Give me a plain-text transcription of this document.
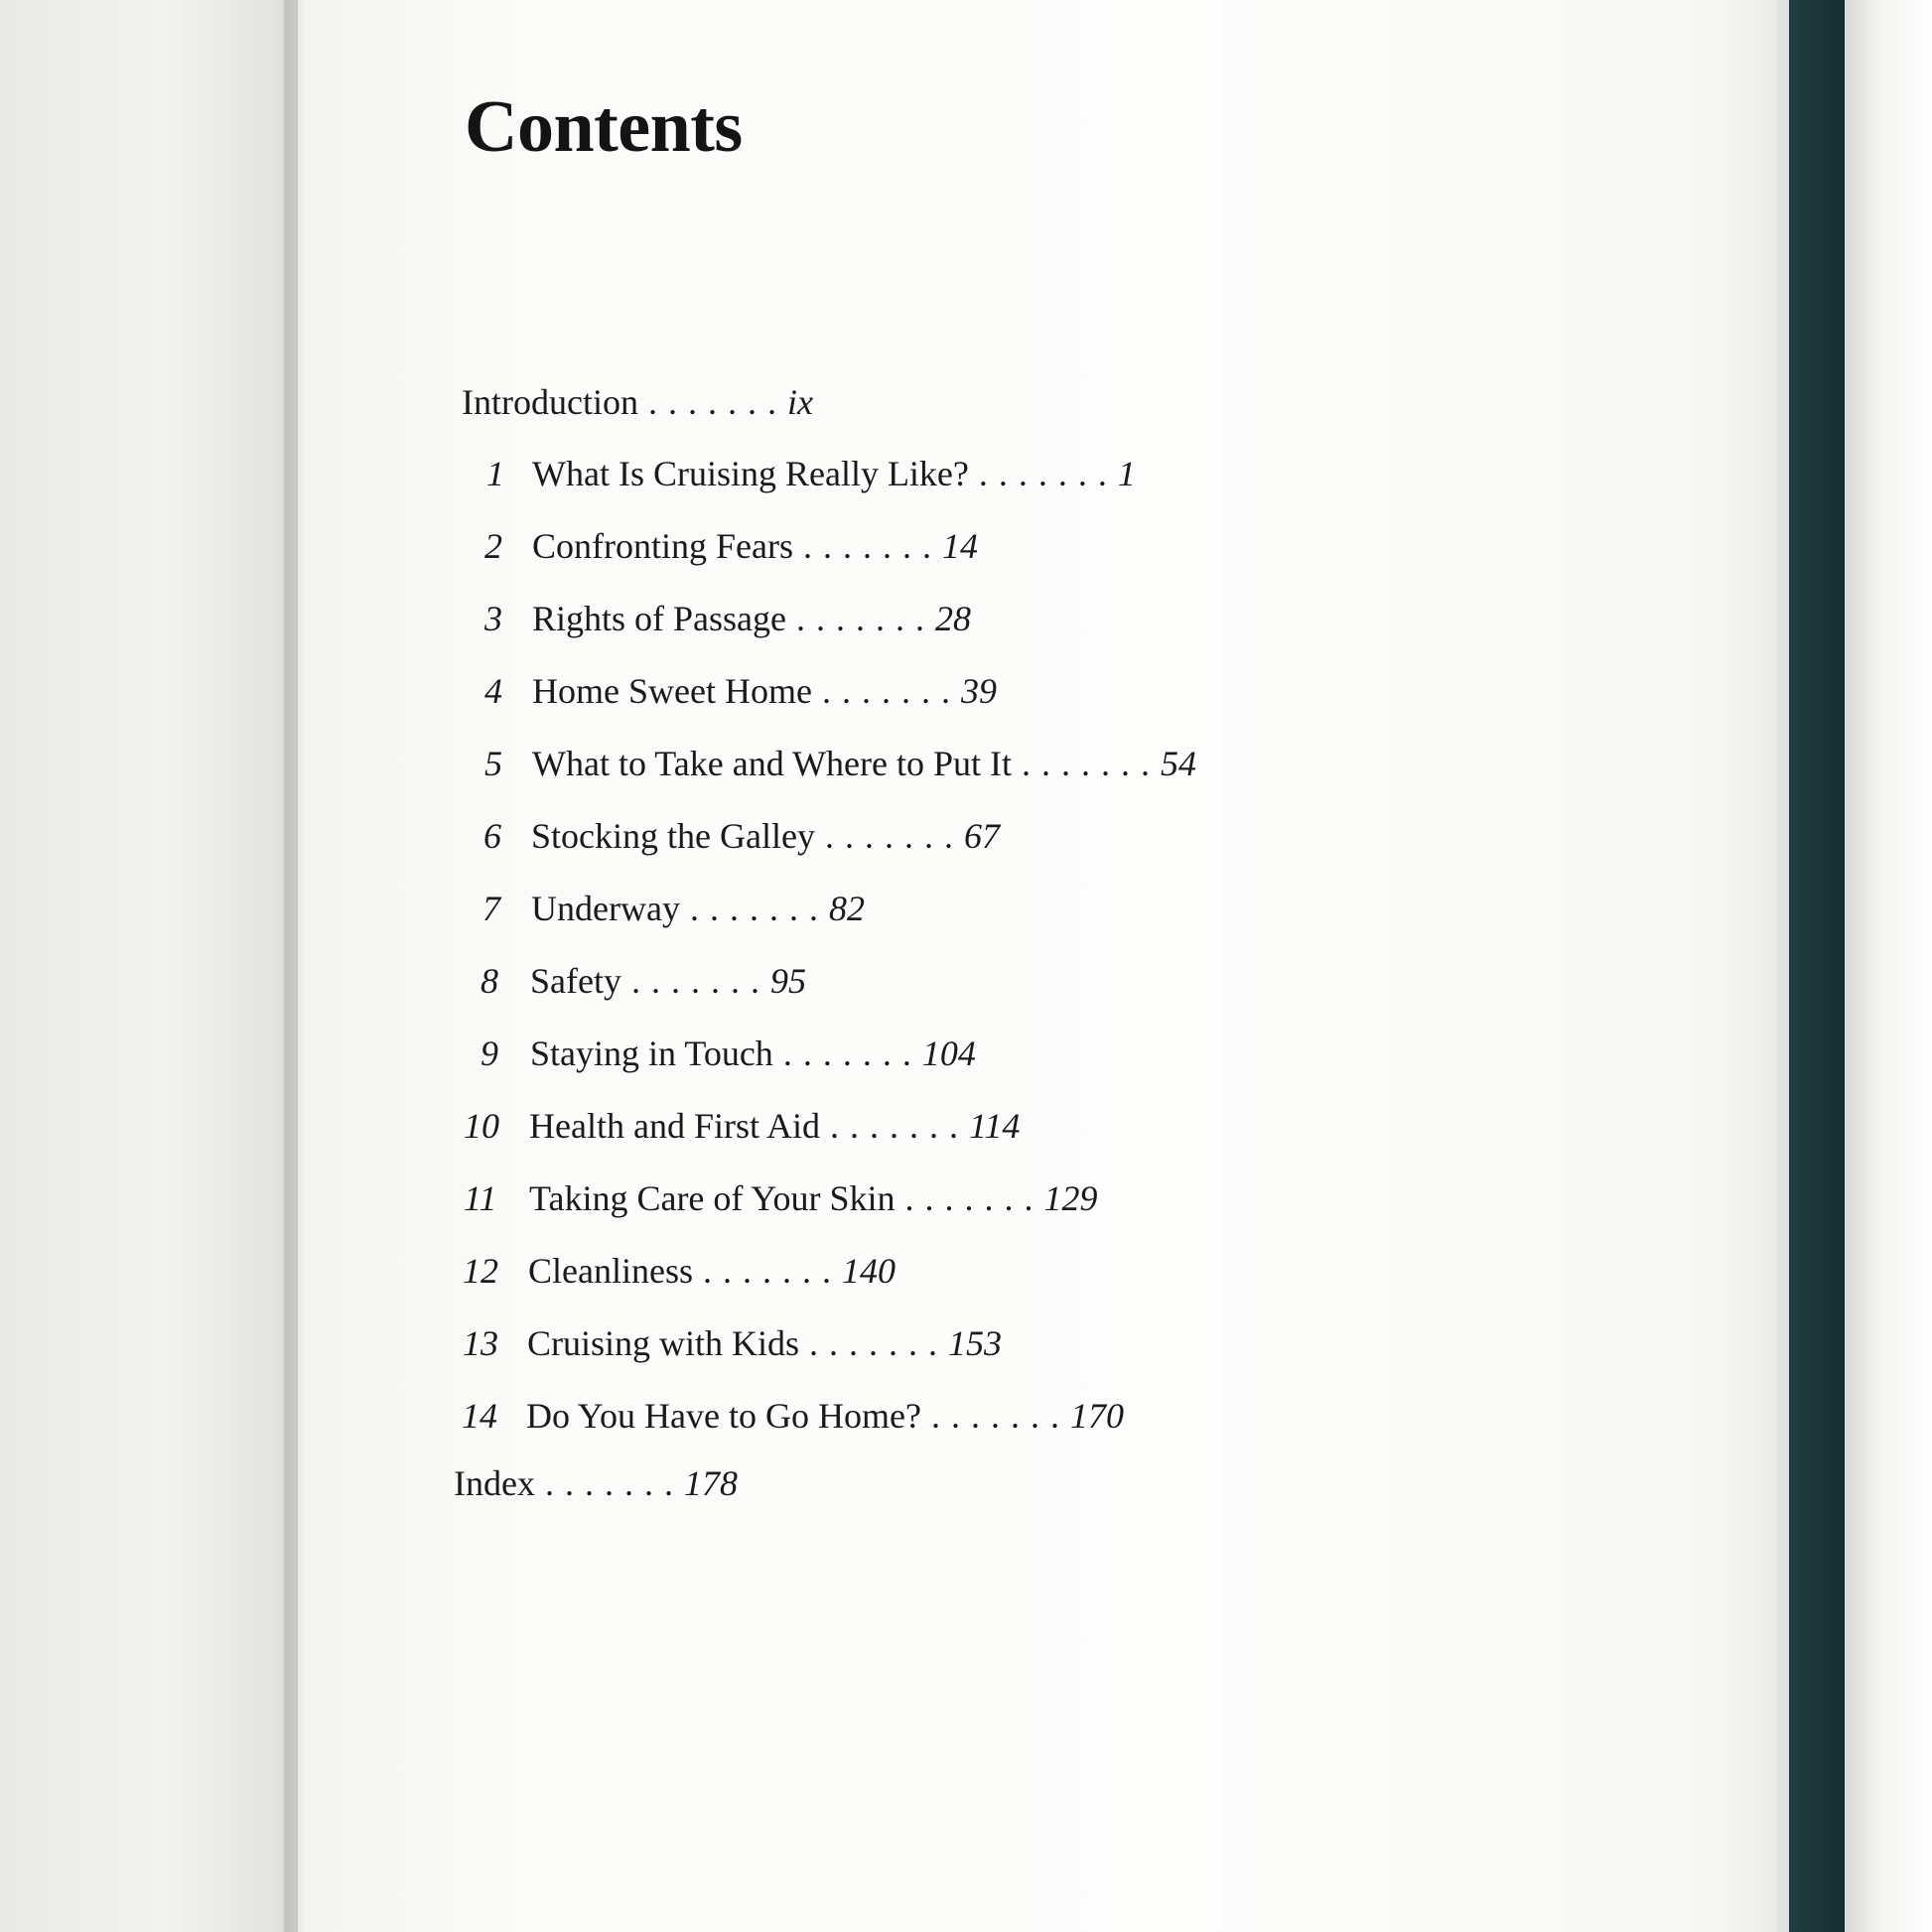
Contents
Introduction . . . . . . . ix
1 What Is Cruising Really Like? . . . . . . . 1
2 Confronting Fears . . . . . . . 14
3 Rights of Passage . . . . . . . 28
4 Home Sweet Home . . . . . . . 39
5 What to Take and Where to Put It . . . . . . . 54
6 Stocking the Galley . . . . . . . 67
7 Underway . . . . . . . 82
8 Safety . . . . . . . 95
9 Staying in Touch . . . . . . . 104
10 Health and First Aid . . . . . . . 114
11 Taking Care of Your Skin . . . . . . . 129
12 Cleanliness . . . . . . . 140
13 Cruising with Kids . . . . . . . 153
14 Do You Have to Go Home? . . . . . . . 170
Index . . . . . . . 178
